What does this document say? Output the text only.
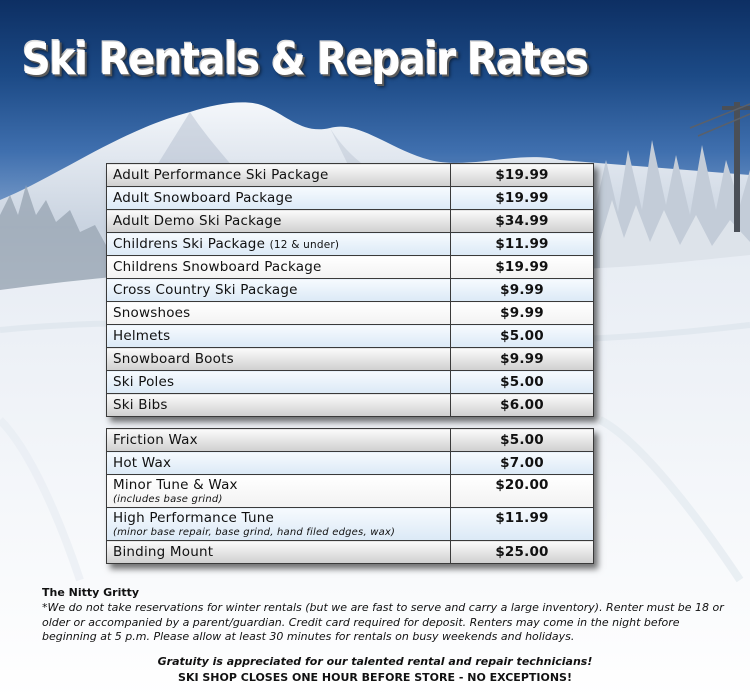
Ski Rentals & Repair Rates
Adult Performance Ski Package	$19.99
Adult Snowboard Package	$19.99
Adult Demo Ski Package	$34.99
Childrens Ski Package (12 & under)	$11.99
Childrens Snowboard Package	$19.99
Cross Country Ski Package	$9.99
Snowshoes	$9.99
Helmets	$5.00
Snowboard Boots	$9.99
Ski Poles	$5.00
Ski Bibs	$6.00
Friction Wax	$5.00
Hot Wax	$7.00
Minor Tune & Wax
(includes base grind)	$20.00
High Performance Tune
(minor base repair, base grind, hand filed edges, wax)	$11.99
Binding Mount	$25.00

The Nitty Gritty

*We do not take reservations for winter rentals (but we are fast to serve and carry a large inventory). Renter must be 18 or older or accompanied by a parent/guardian. Credit card required for deposit. Renters may come in the night before beginning at 5 p.m. Please allow at least 30 minutes for rentals on busy weekends and holidays.

Gratuity is appreciated for our talented rental and repair technicians!

SKI SHOP CLOSES ONE HOUR BEFORE STORE - NO EXCEPTIONS!
